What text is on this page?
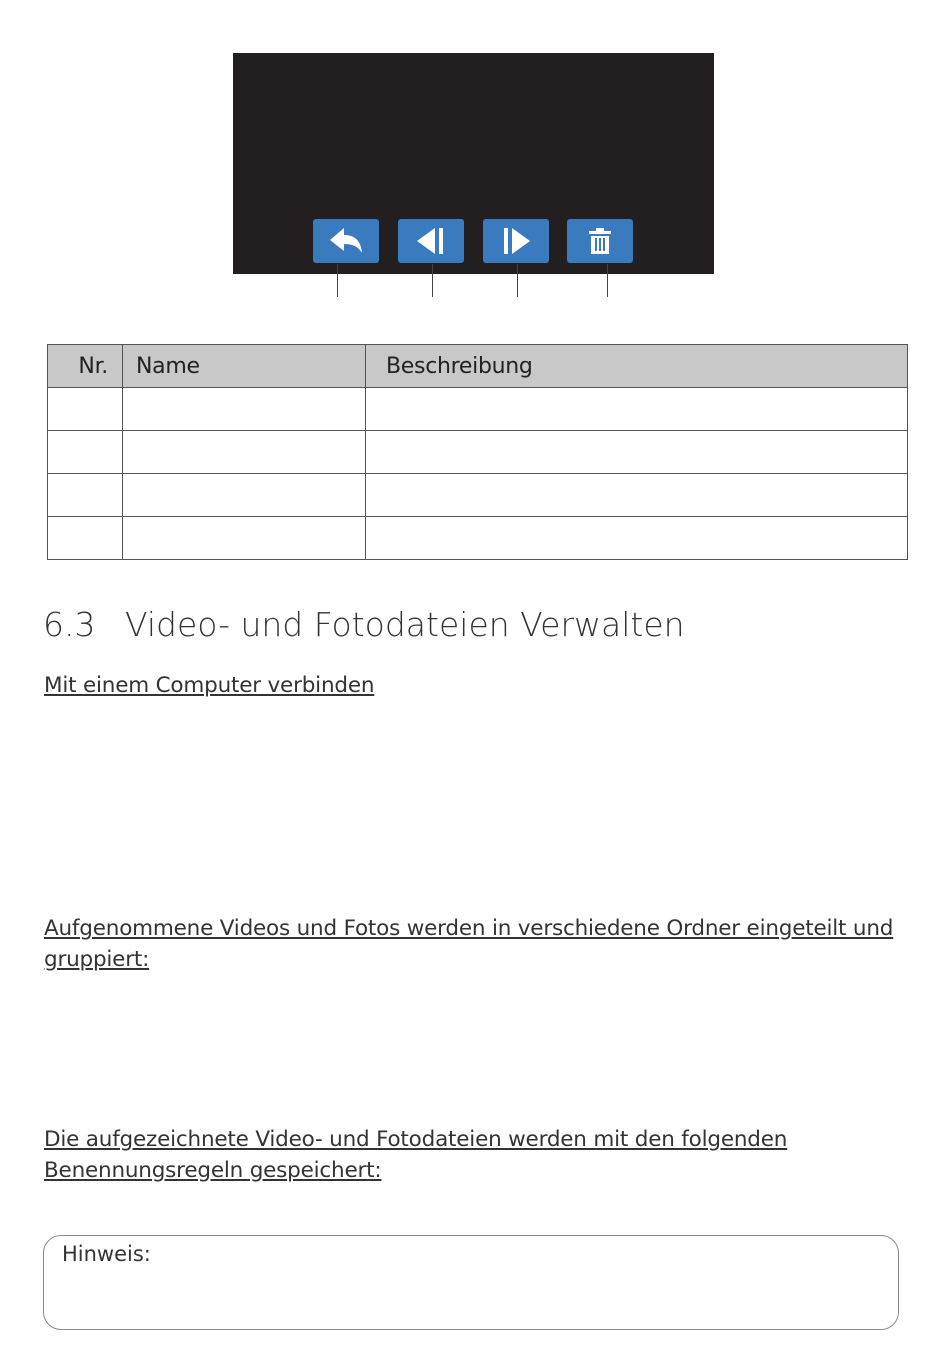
Nr.	Name	Beschreibung

6.3 Video- und Fotodateien Verwalten
Mit einem Computer verbinden
Aufgenommene Videos und Fotos werden in verschiedene Ordner eingeteilt und gruppiert:
Die aufgezeichnete Video- und Fotodateien werden mit den folgenden Benennungsregeln gespeichert:
Hinweis:
